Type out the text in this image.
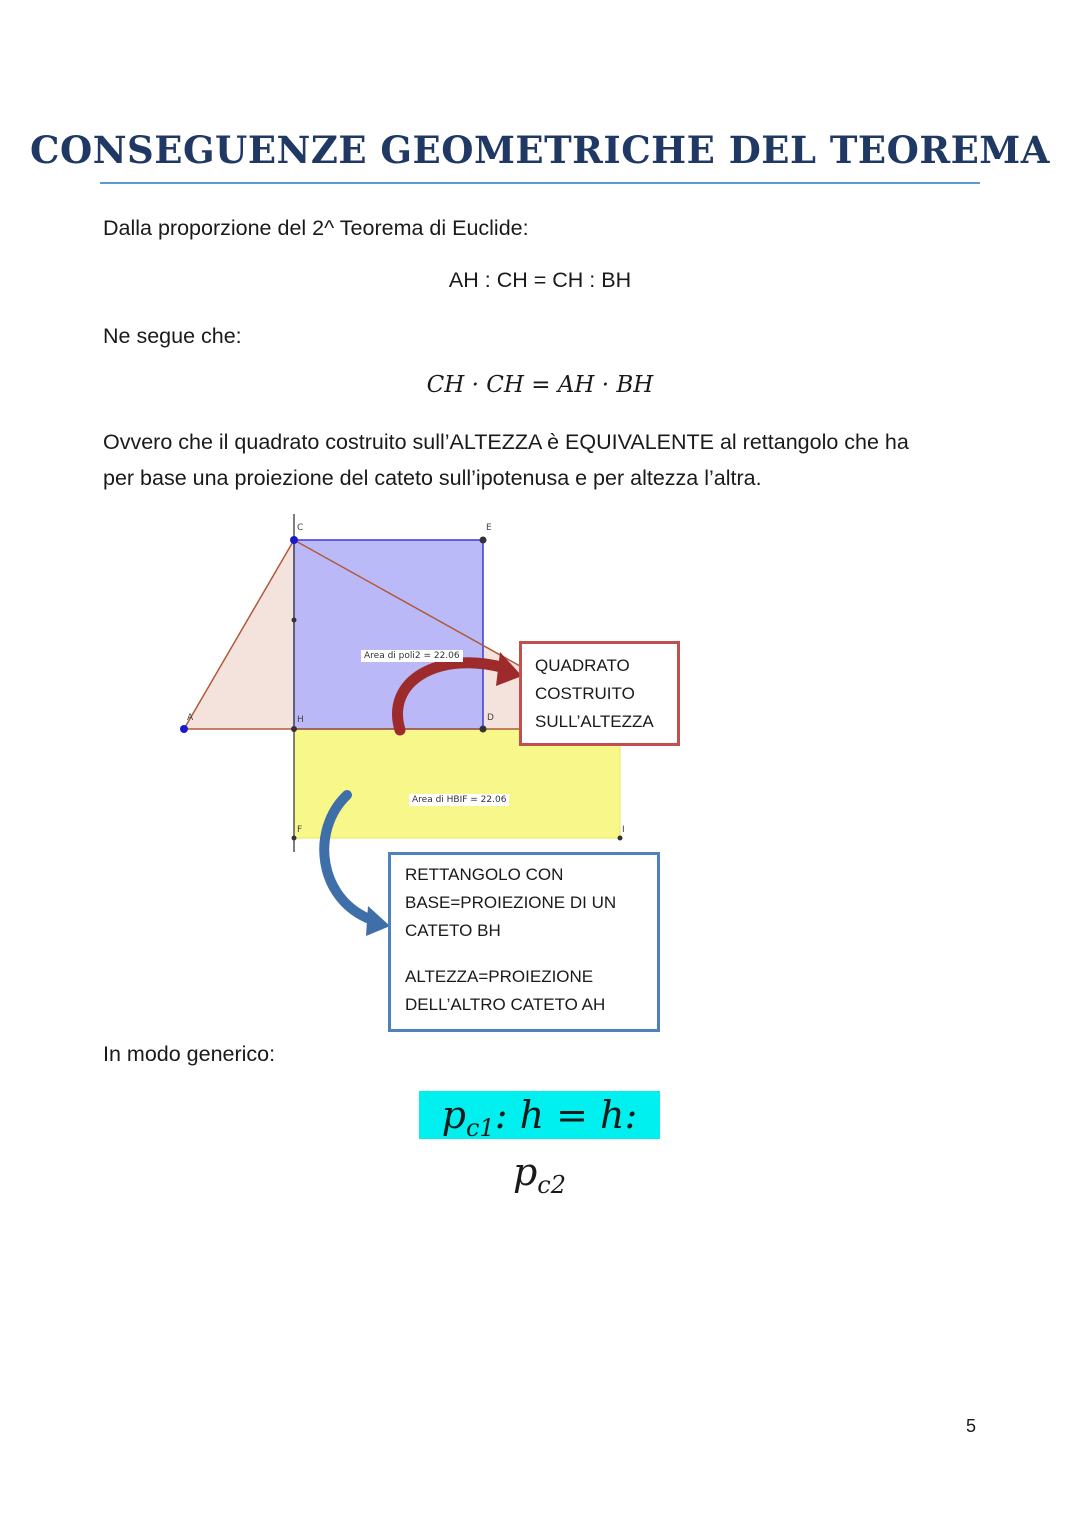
CONSEGUENZE GEOMETRICHE DEL TEOREMA
Dalla proporzione del 2^ Teorema di Euclide:
AH : CH = CH : BH
Ne segue che:
CH · CH = AH · BH
Ovvero che il quadrato costruito sull’ALTEZZA è EQUIVALENTE al rettangolo che ha
per base una proiezione del cateto sull’ipotenusa e per altezza l’altra.
C	E
A	H	D
F	I
Area di poli2 = 22.06
Area di HBIF = 22.06
QUADRATO
COSTRUITO
SULL’ALTEZZA

RETTANGOLO CON

BASE=PROIEZIONE DI UN

CATETO BH

ALTEZZA=PROIEZIONE

DELL’ALTRO CATETO AH

In modo generico:
$p_{c1}$: h = h: $p_{c2}$
5
